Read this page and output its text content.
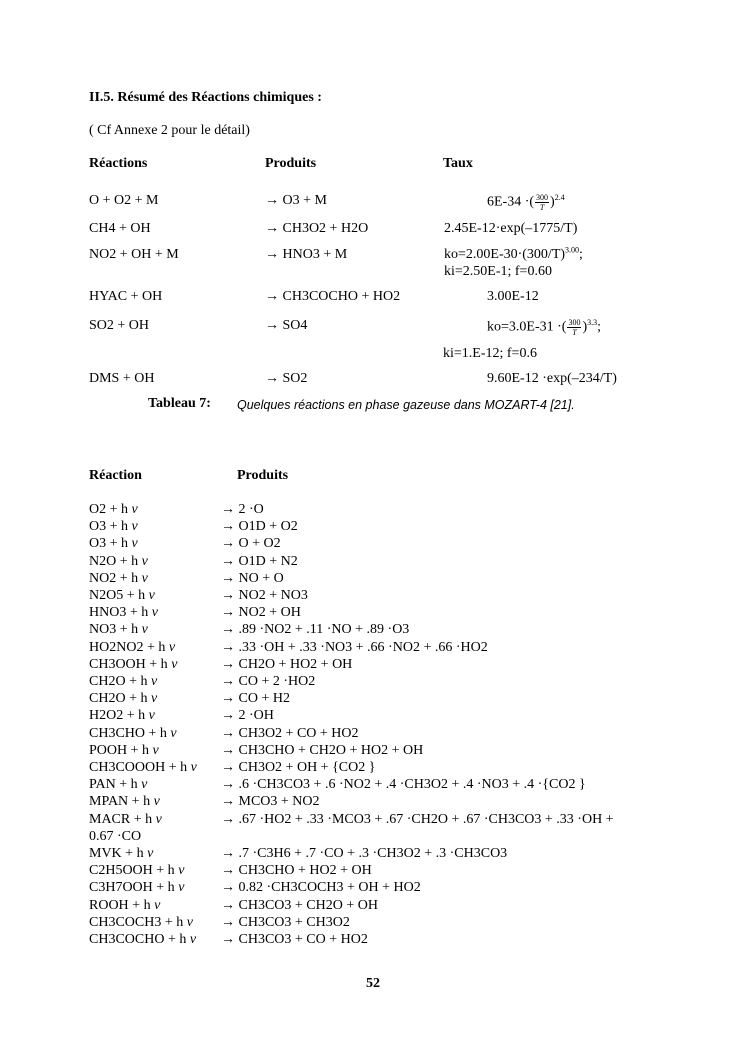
II.5. Résumé des Réactions chimiques :
( Cf Annexe 2 pour le détail)
Réactions	Produits	Taux
O + O2 + M	→ O3 + M	6E-34 ·( $\frac{300}{T} )^{2.4}$
CH4 + OH	→ CH3O2 + H2O	2.45E-12·exp(–1775/T)
NO2 + OH + M	→ HNO3 + M	$ko=2.00E-30\cdot(300/T)^{3.00}$;
ki=2.50E-1; f=0.60
HYAC + OH	→ CH3COCHO + HO2	3.00E-12
SO2 + OH	→ SO4	ko=3.0E-31 ·( $\frac{300}{T} )^{3.3}$;
ki=1.E-12; f=0.6
DMS + OH	→ SO2	9.60E-12 ·exp(–234/T)
Tableau 7: Quelques réactions en phase gazeuse dans MOZART-4 [21].
Réaction	Produits
O2 + h v	→ 2 ·O
O3 + h v	→ O1D + O2
O3 + h v	→ O + O2
N2O + h v	→ O1D + N2
NO2 + h v	→ NO + O
N2O5 + h v	→ NO2 + NO3
HNO3 + h v	→ NO2 + OH
NO3 + h v	→ .89 ·NO2 + .11 ·NO + .89 ·O3
HO2NO2 + h v	→ .33 ·OH + .33 ·NO3 + .66 ·NO2 + .66 ·HO2
CH3OOH + h v	→ CH2O + HO2 + OH
CH2O + h v	→ CO + 2 ·HO2
CH2O + h v	→ CO + H2
H2O2 + h v	→ 2 ·OH
CH3CHO + h v	→ CH3O2 + CO + HO2
POOH + h v	→ CH3CHO + CH2O + HO2 + OH
CH3COOOH + h v → CH3O2 + OH + {CO2 }
PAN + h v	→ .6 ·CH3CO3 + .6 ·NO2 + .4 ·CH3O2 + .4 ·NO3 + .4 ·{CO2 }
MPAN + h v	→ MCO3 + NO2
MACR + h v	→ .67 ·HO2 + .33 ·MCO3 + .67 ·CH2O + .67 ·CH3CO3 + .33 ·OH +
0.67 ·CO
MVK + h v	→ .7 ·C3H6 + .7 ·CO + .3 ·CH3O2 + .3 ·CH3CO3
C2H5OOH + h v	→ CH3CHO + HO2 + OH
C3H7OOH + h v	→ 0.82 ·CH3COCH3 + OH + HO2
ROOH + h v	→ CH3CO3 + CH2O + OH
CH3COCH3 + h v → CH3CO3 + CH3O2
CH3COCHO + h v → CH3CO3 + CO + HO2
52
